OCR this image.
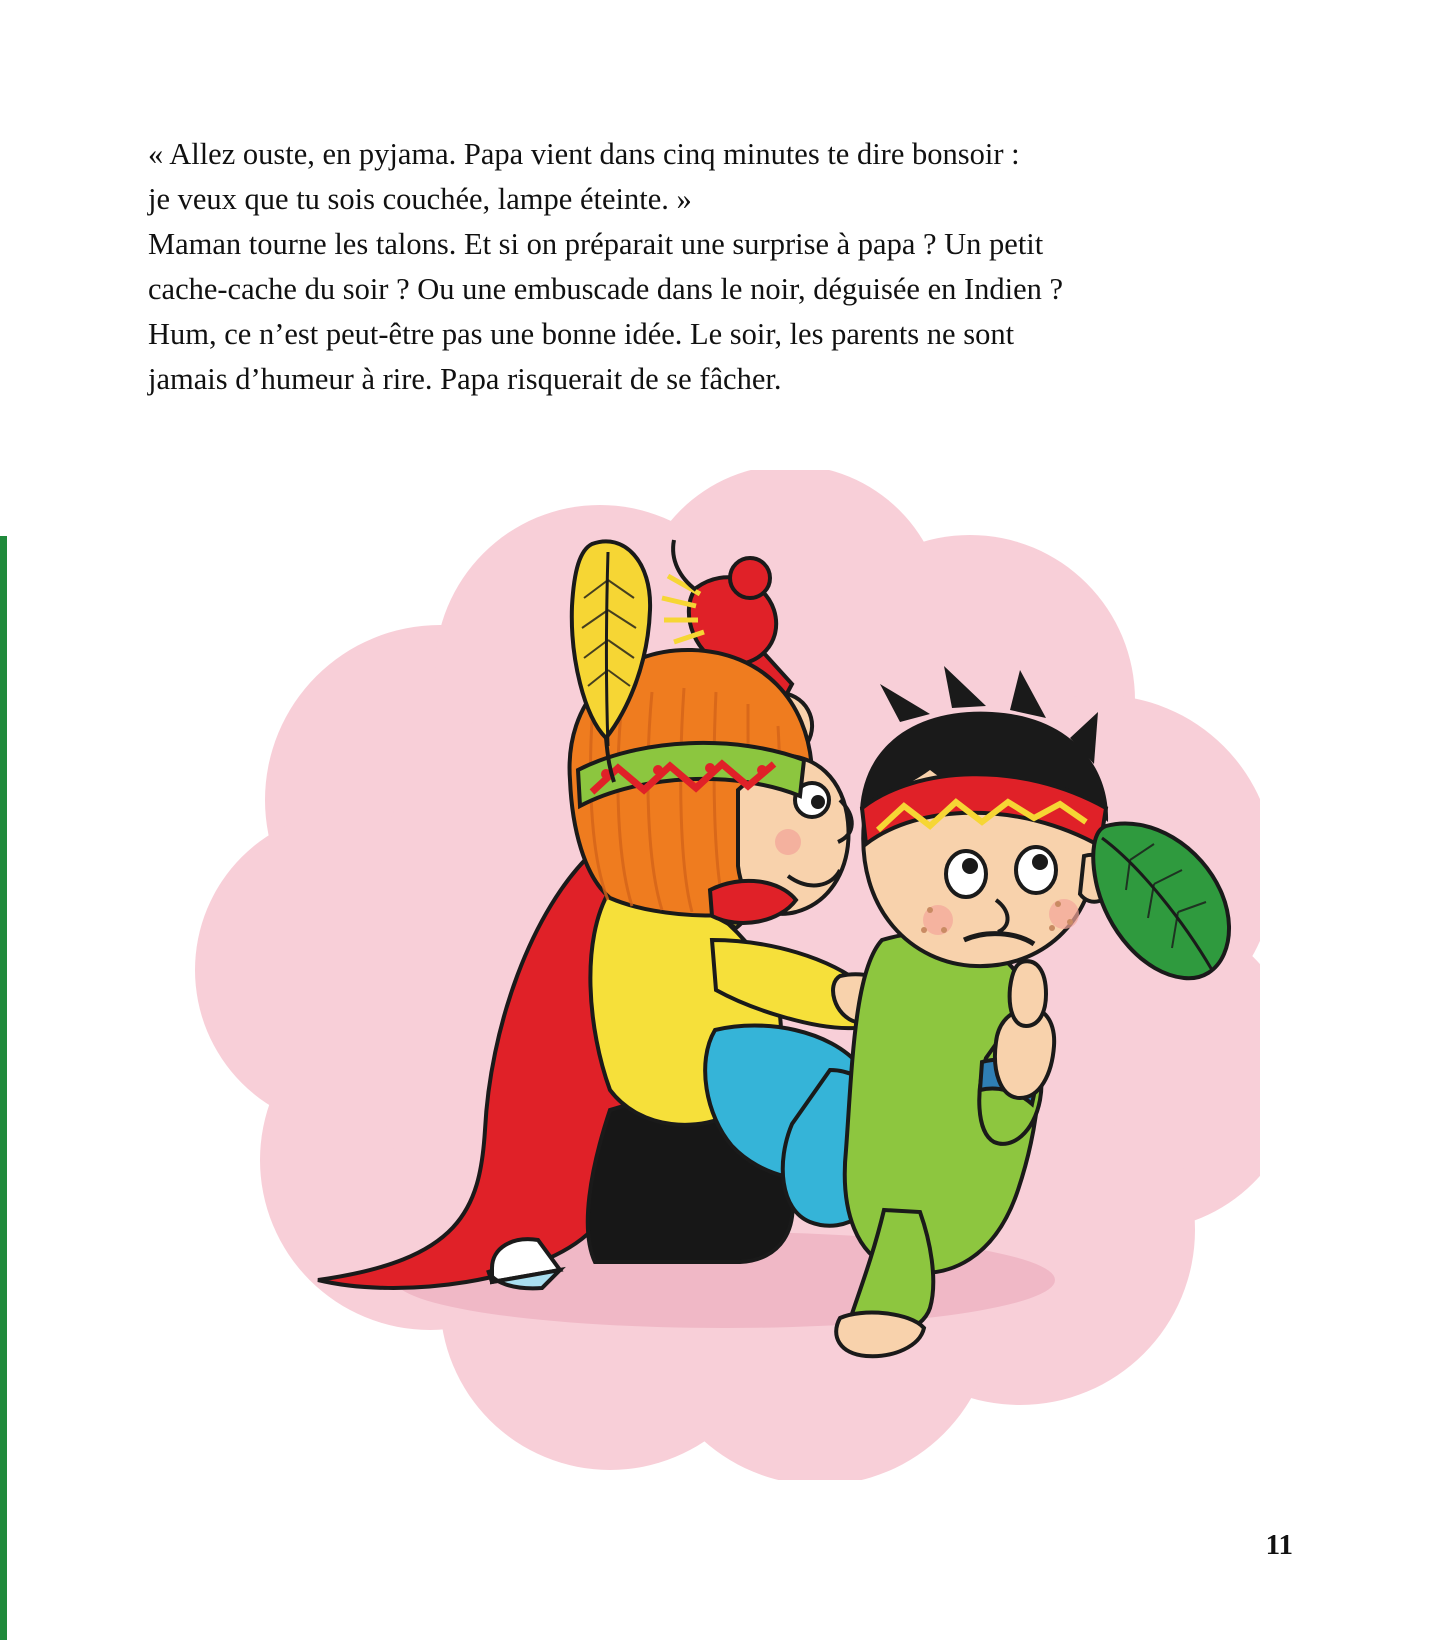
« Allez ouste, en pyjama. Papa vient dans cinq minutes te dire bonsoir :

je veux que tu sois couchée, lampe éteinte. »

Maman tourne les talons. Et si on préparait une surprise à papa ? Un petit

cache-cache du soir ? Ou une embuscade dans le noir, déguisée en Indien ?

Hum, ce n’est peut-être pas une bonne idée. Le soir, les parents ne sont

jamais d’humeur à rire. Papa risquerait de se fâcher.

11
